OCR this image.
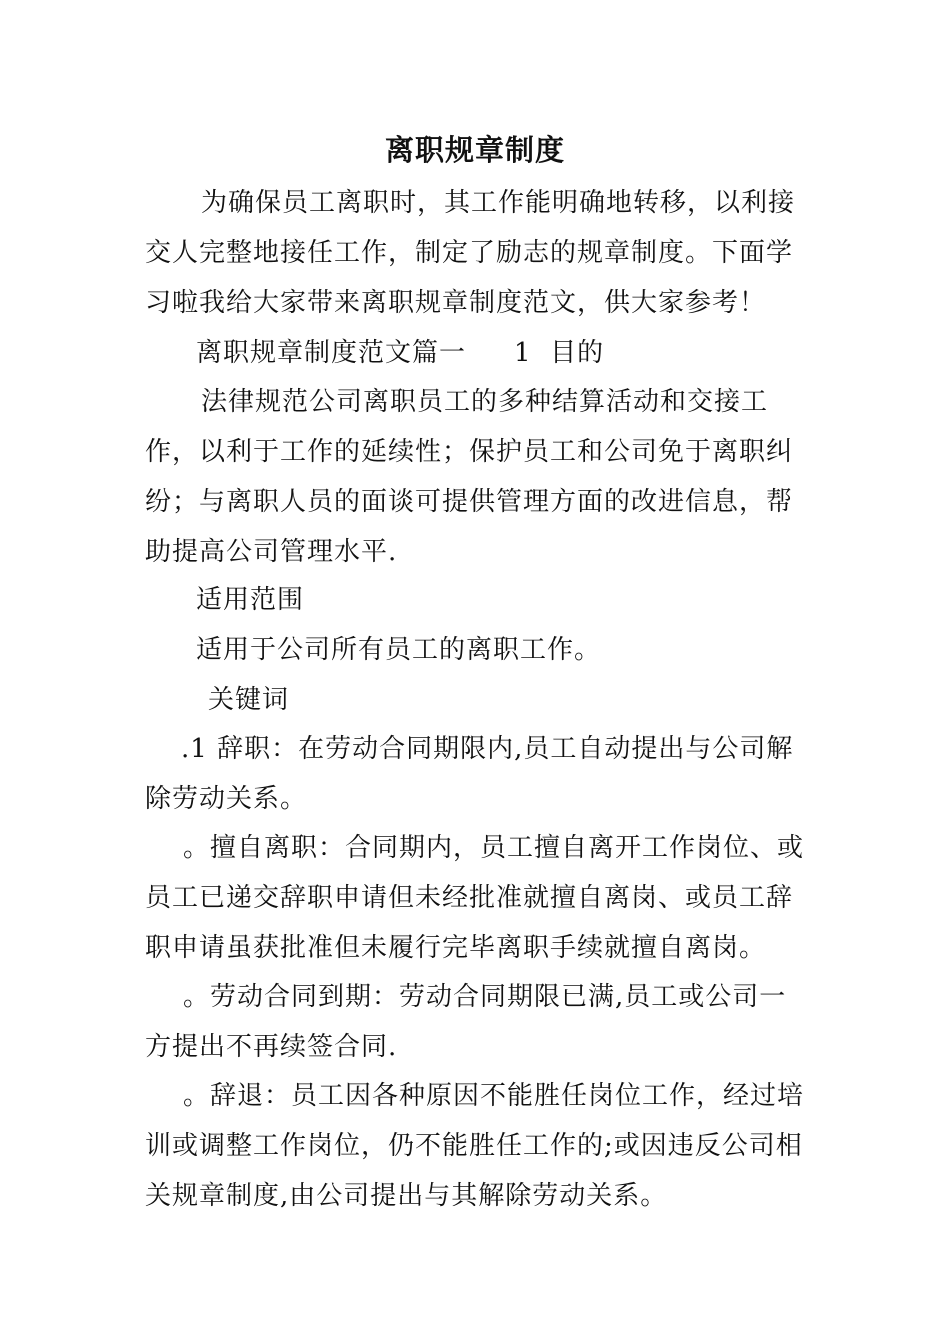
离职规章制度

为确保员工离职时，其工作能明确地转移，以利接交人完整地接任工作，制定了励志的规章制度。下面学习啦我给大家带来离职规章制度范文，供大家参考！

离职规章制度范文篇一 1 目的

法律规范公司离职员工的多种结算活动和交接工作，以利于工作的延续性；保护员工和公司免于离职纠纷；与离职人员的面谈可提供管理方面的改进信息，帮助提高公司管理水平.

适用范围

适用于公司所有员工的离职工作。

关键词

.1 辞职：在劳动合同期限内,员工自动提出与公司解除劳动关系。

。擅自离职：合同期内，员工擅自离开工作岗位、或员工已递交辞职申请但未经批准就擅自离岗、或员工辞职申请虽获批准但未履行完毕离职手续就擅自离岗。

。劳动合同到期：劳动合同期限已满,员工或公司一方提出不再续签合同.

。辞退：员工因各种原因不能胜任岗位工作，经过培训或调整工作岗位，仍不能胜任工作的;或因违反公司相关规章制度,由公司提出与其解除劳动关系。
